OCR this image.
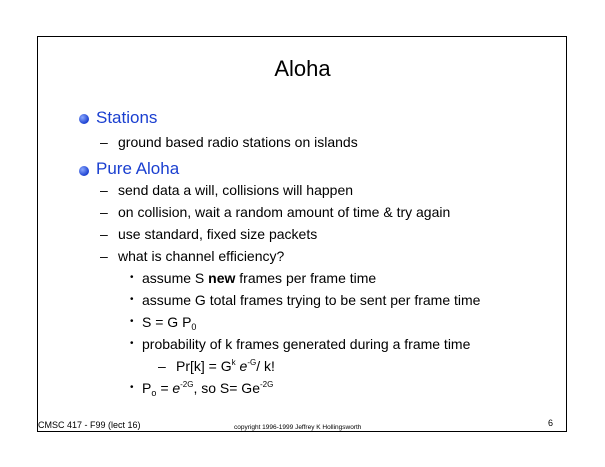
Aloha
Stations
– ground based radio stations on islands
Pure Aloha
– send data a will, collisions will happen
– on collision, wait a random amount of time & try again
– use standard, fixed size packets
– what is channel efficiency?
• assume S new frames per frame time
• assume G total frames trying to be sent per frame time
• S = G $P_0$
• probability of k frames generated during a frame time
– $Pr[k] = G^k$ $e^{-G}/$ k!
• $P_o = e^{-2G}$, so $S= Ge^{-2G}$
CMSC 417 - F99 (lect 16)	copyright 1996-1999 Jeffrey K Hollingsworth	6
